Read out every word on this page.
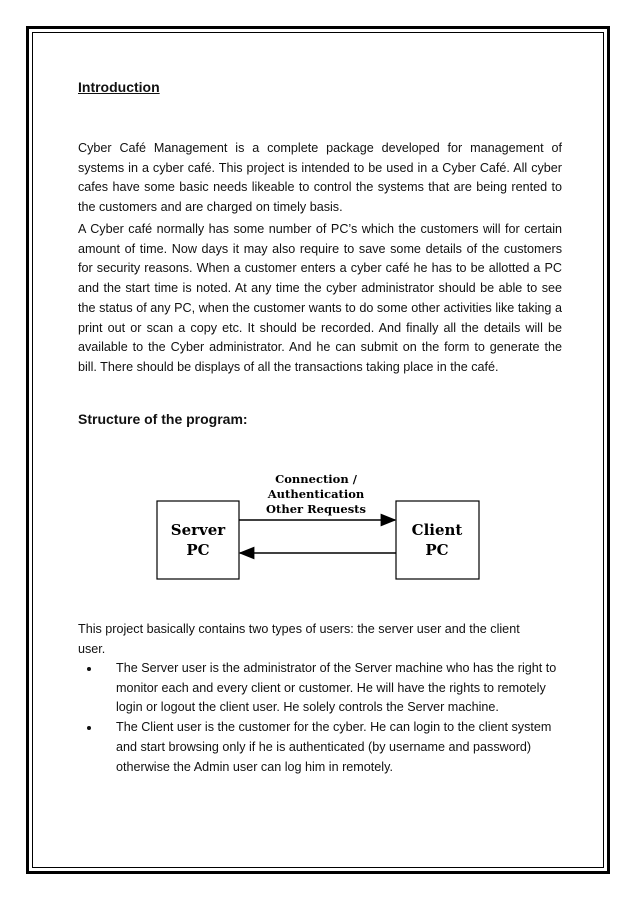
Introduction

Cyber Café Management is a complete package developed for management of systems in a cyber café. This project is intended to be used in a Cyber Café. All cyber cafes have some basic needs likeable to control the systems that are being rented to the customers and are charged on timely basis.

A Cyber café normally has some number of PC’s which the customers will for certain amount of time. Now days it may also require to save some details of the customers for security reasons. When a customer enters a cyber café he has to be allotted a PC and the start time is noted. At any time the cyber administrator should be able to see the status of any PC, when the customer wants to do some other activities like taking a print out or scan a copy etc. It should be recorded. And finally all the details will be available to the Cyber administrator. And he can submit on the form to generate the bill. There should be displays of all the transactions taking place in the café.

Structure of the program:
Server
PC
Client
PC
Connection /
Authentication
Other Requests

This project basically contains two types of users: the server user and the client user.

The Server user is the administrator of the Server machine who has the right to monitor each and every client or customer. He will have the rights to remotely login or logout the client user. He solely controls the Server machine.
The Client user is the customer for the cyber. He can login to the client system and start browsing only if he is authenticated (by username and password) otherwise the Admin user can log him in remotely.
